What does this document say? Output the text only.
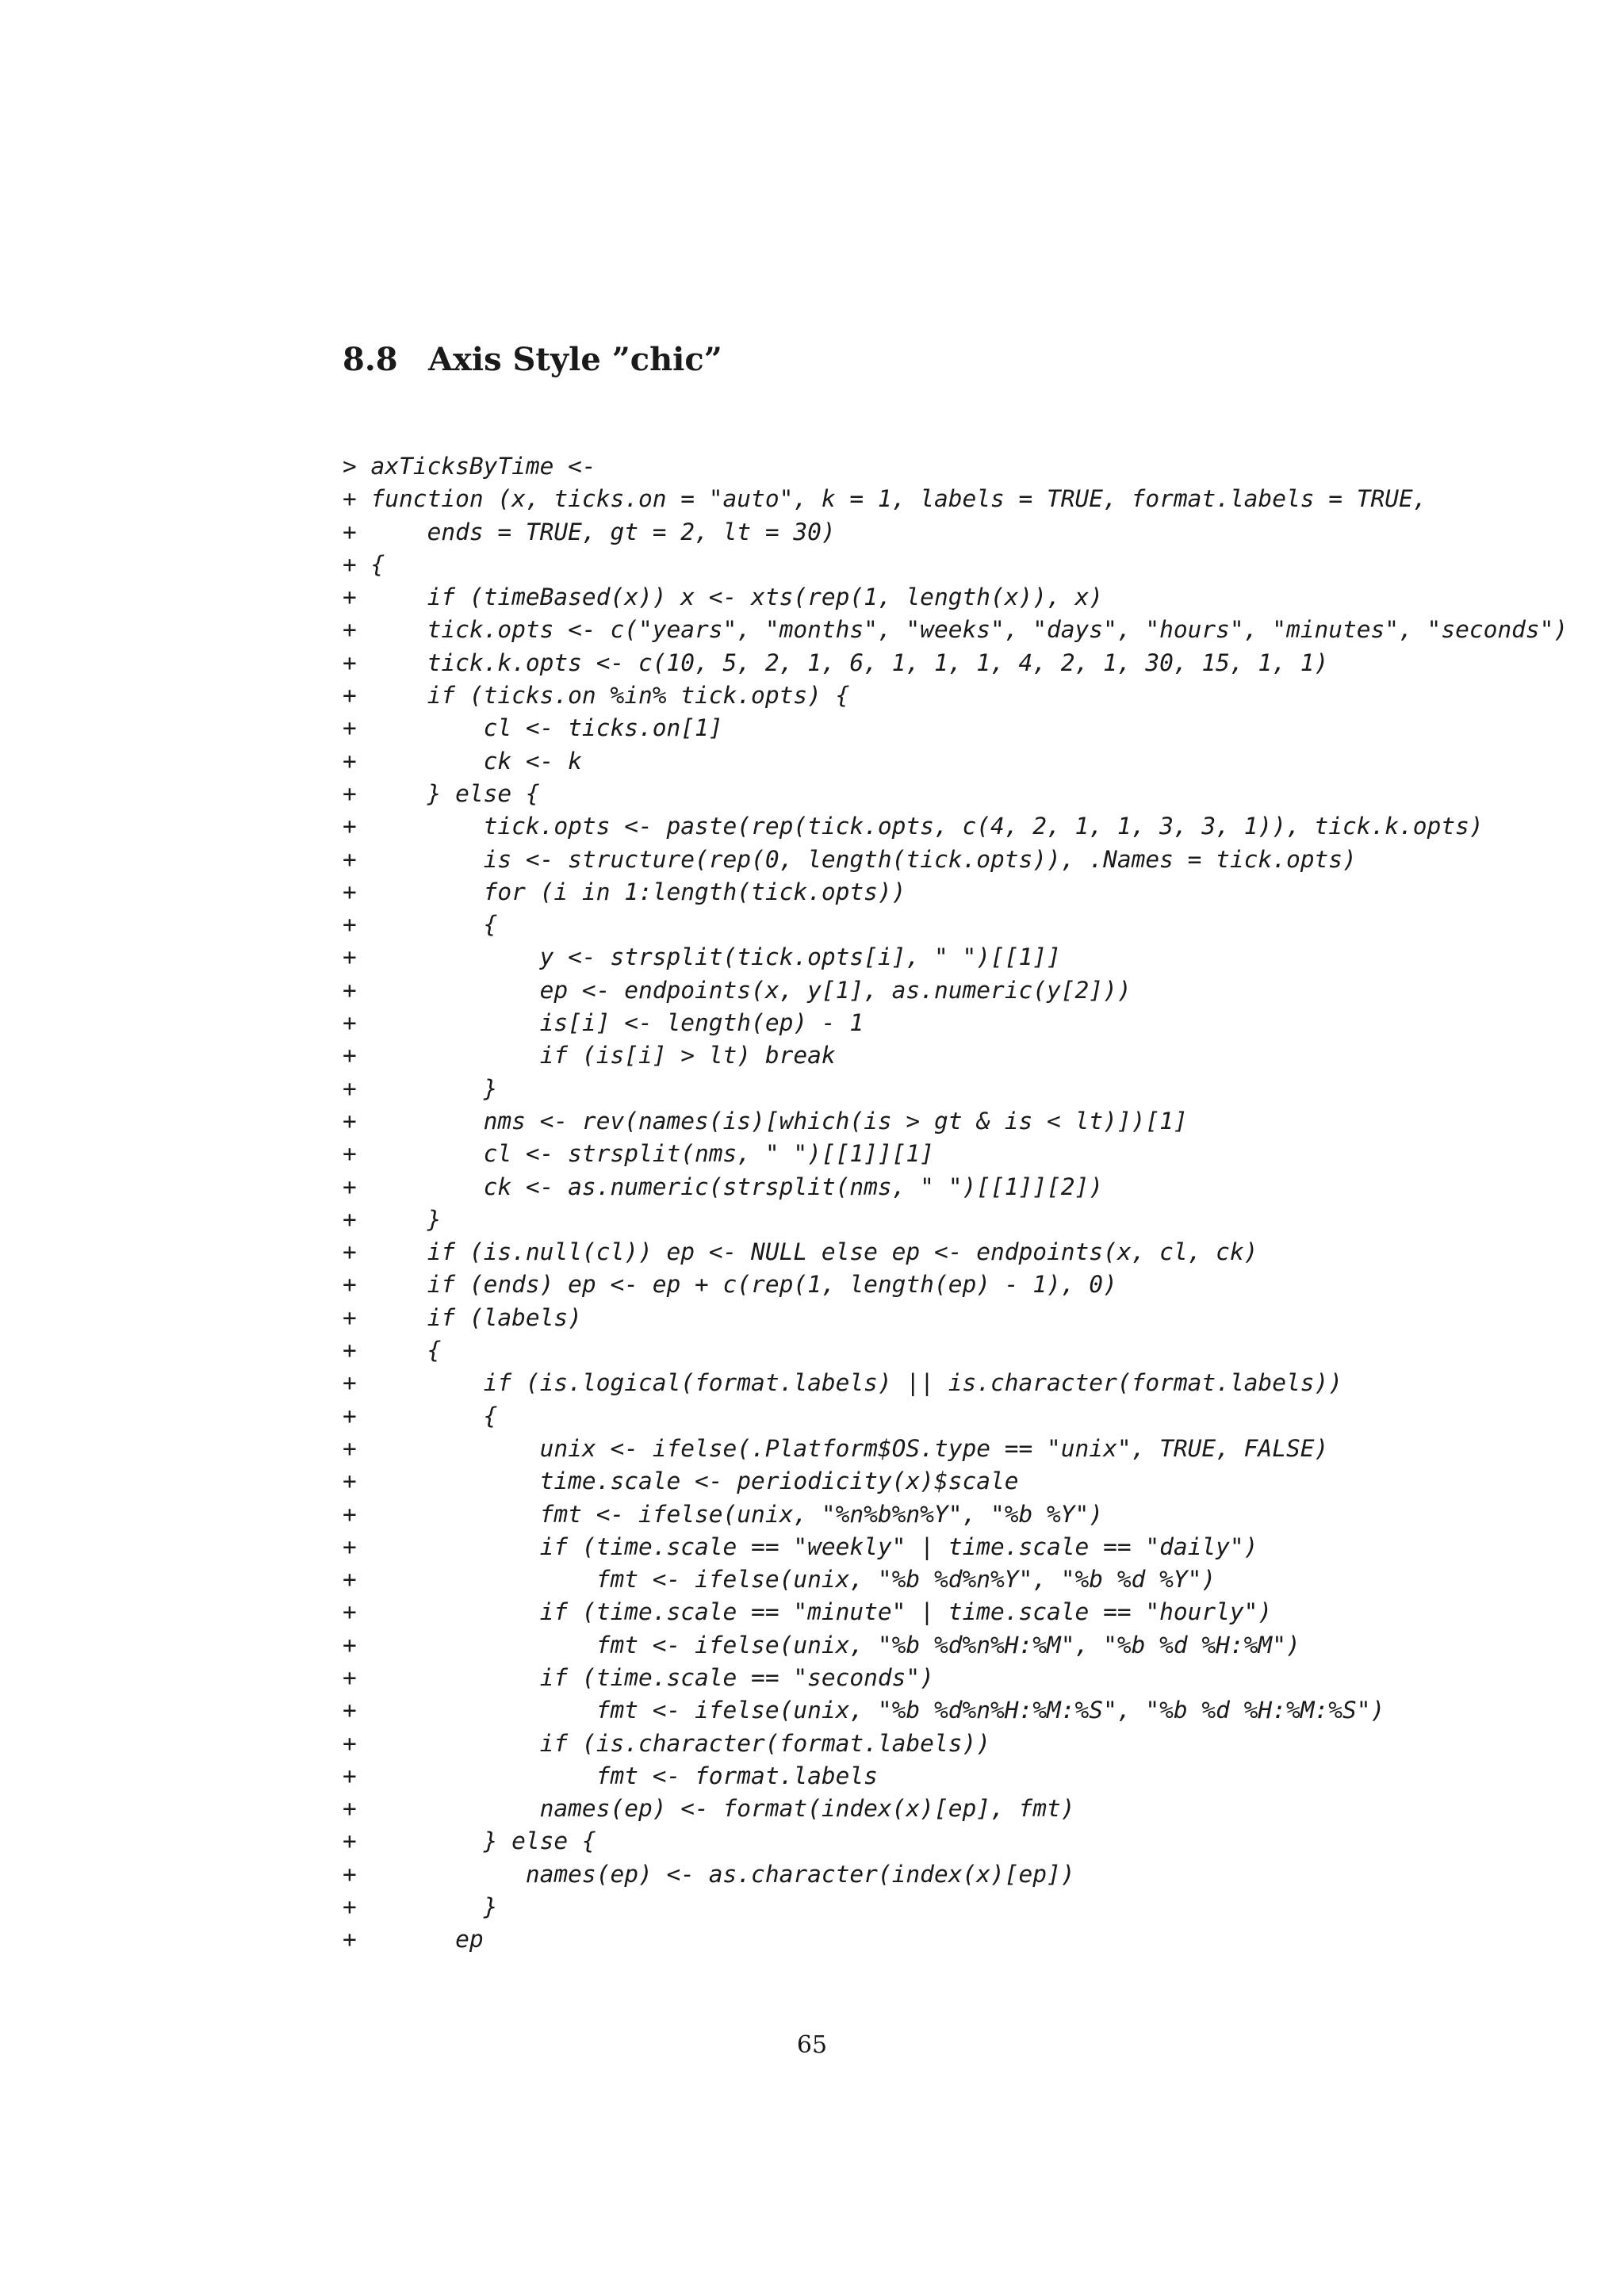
8.8 Axis Style ”chic”
> axTicksByTime <-
+ function (x, ticks.on = "auto", k = 1, labels = TRUE, format.labels = TRUE,
+     ends = TRUE, gt = 2, lt = 30)
+ {
+     if (timeBased(x)) x <- xts(rep(1, length(x)), x)
+     tick.opts <- c("years", "months", "weeks", "days", "hours", "minutes", "seconds")
+     tick.k.opts <- c(10, 5, 2, 1, 6, 1, 1, 1, 4, 2, 1, 30, 15, 1, 1)
+     if (ticks.on %in% tick.opts) {
+         cl <- ticks.on[1]
+         ck <- k
+     } else {
+         tick.opts <- paste(rep(tick.opts, c(4, 2, 1, 1, 3, 3, 1)), tick.k.opts)
+         is <- structure(rep(0, length(tick.opts)), .Names = tick.opts)
+         for (i in 1:length(tick.opts))
+         {
+             y <- strsplit(tick.opts[i], " ")[[1]]
+             ep <- endpoints(x, y[1], as.numeric(y[2]))
+             is[i] <- length(ep) - 1
+             if (is[i] > lt) break
+         }
+         nms <- rev(names(is)[which(is > gt & is < lt)])[1]
+         cl <- strsplit(nms, " ")[[1]][1]
+         ck <- as.numeric(strsplit(nms, " ")[[1]][2])
+     }
+     if (is.null(cl)) ep <- NULL else ep <- endpoints(x, cl, ck)
+     if (ends) ep <- ep + c(rep(1, length(ep) - 1), 0)
+     if (labels)
+     {
+         if (is.logical(format.labels) || is.character(format.labels))
+         {
+             unix <- ifelse(.Platform$OS.type == "unix", TRUE, FALSE)
+             time.scale <- periodicity(x)$scale
+             fmt <- ifelse(unix, "%n%b%n%Y", "%b %Y")
+             if (time.scale == "weekly" | time.scale == "daily")
+                 fmt <- ifelse(unix, "%b %d%n%Y", "%b %d %Y")
+             if (time.scale == "minute" | time.scale == "hourly")
+                 fmt <- ifelse(unix, "%b %d%n%H:%M", "%b %d %H:%M")
+             if (time.scale == "seconds")
+                 fmt <- ifelse(unix, "%b %d%n%H:%M:%S", "%b %d %H:%M:%S")
+             if (is.character(format.labels))
+                 fmt <- format.labels
+             names(ep) <- format(index(x)[ep], fmt)
+         } else {
+            names(ep) <- as.character(index(x)[ep])
+         }
+       ep
65
